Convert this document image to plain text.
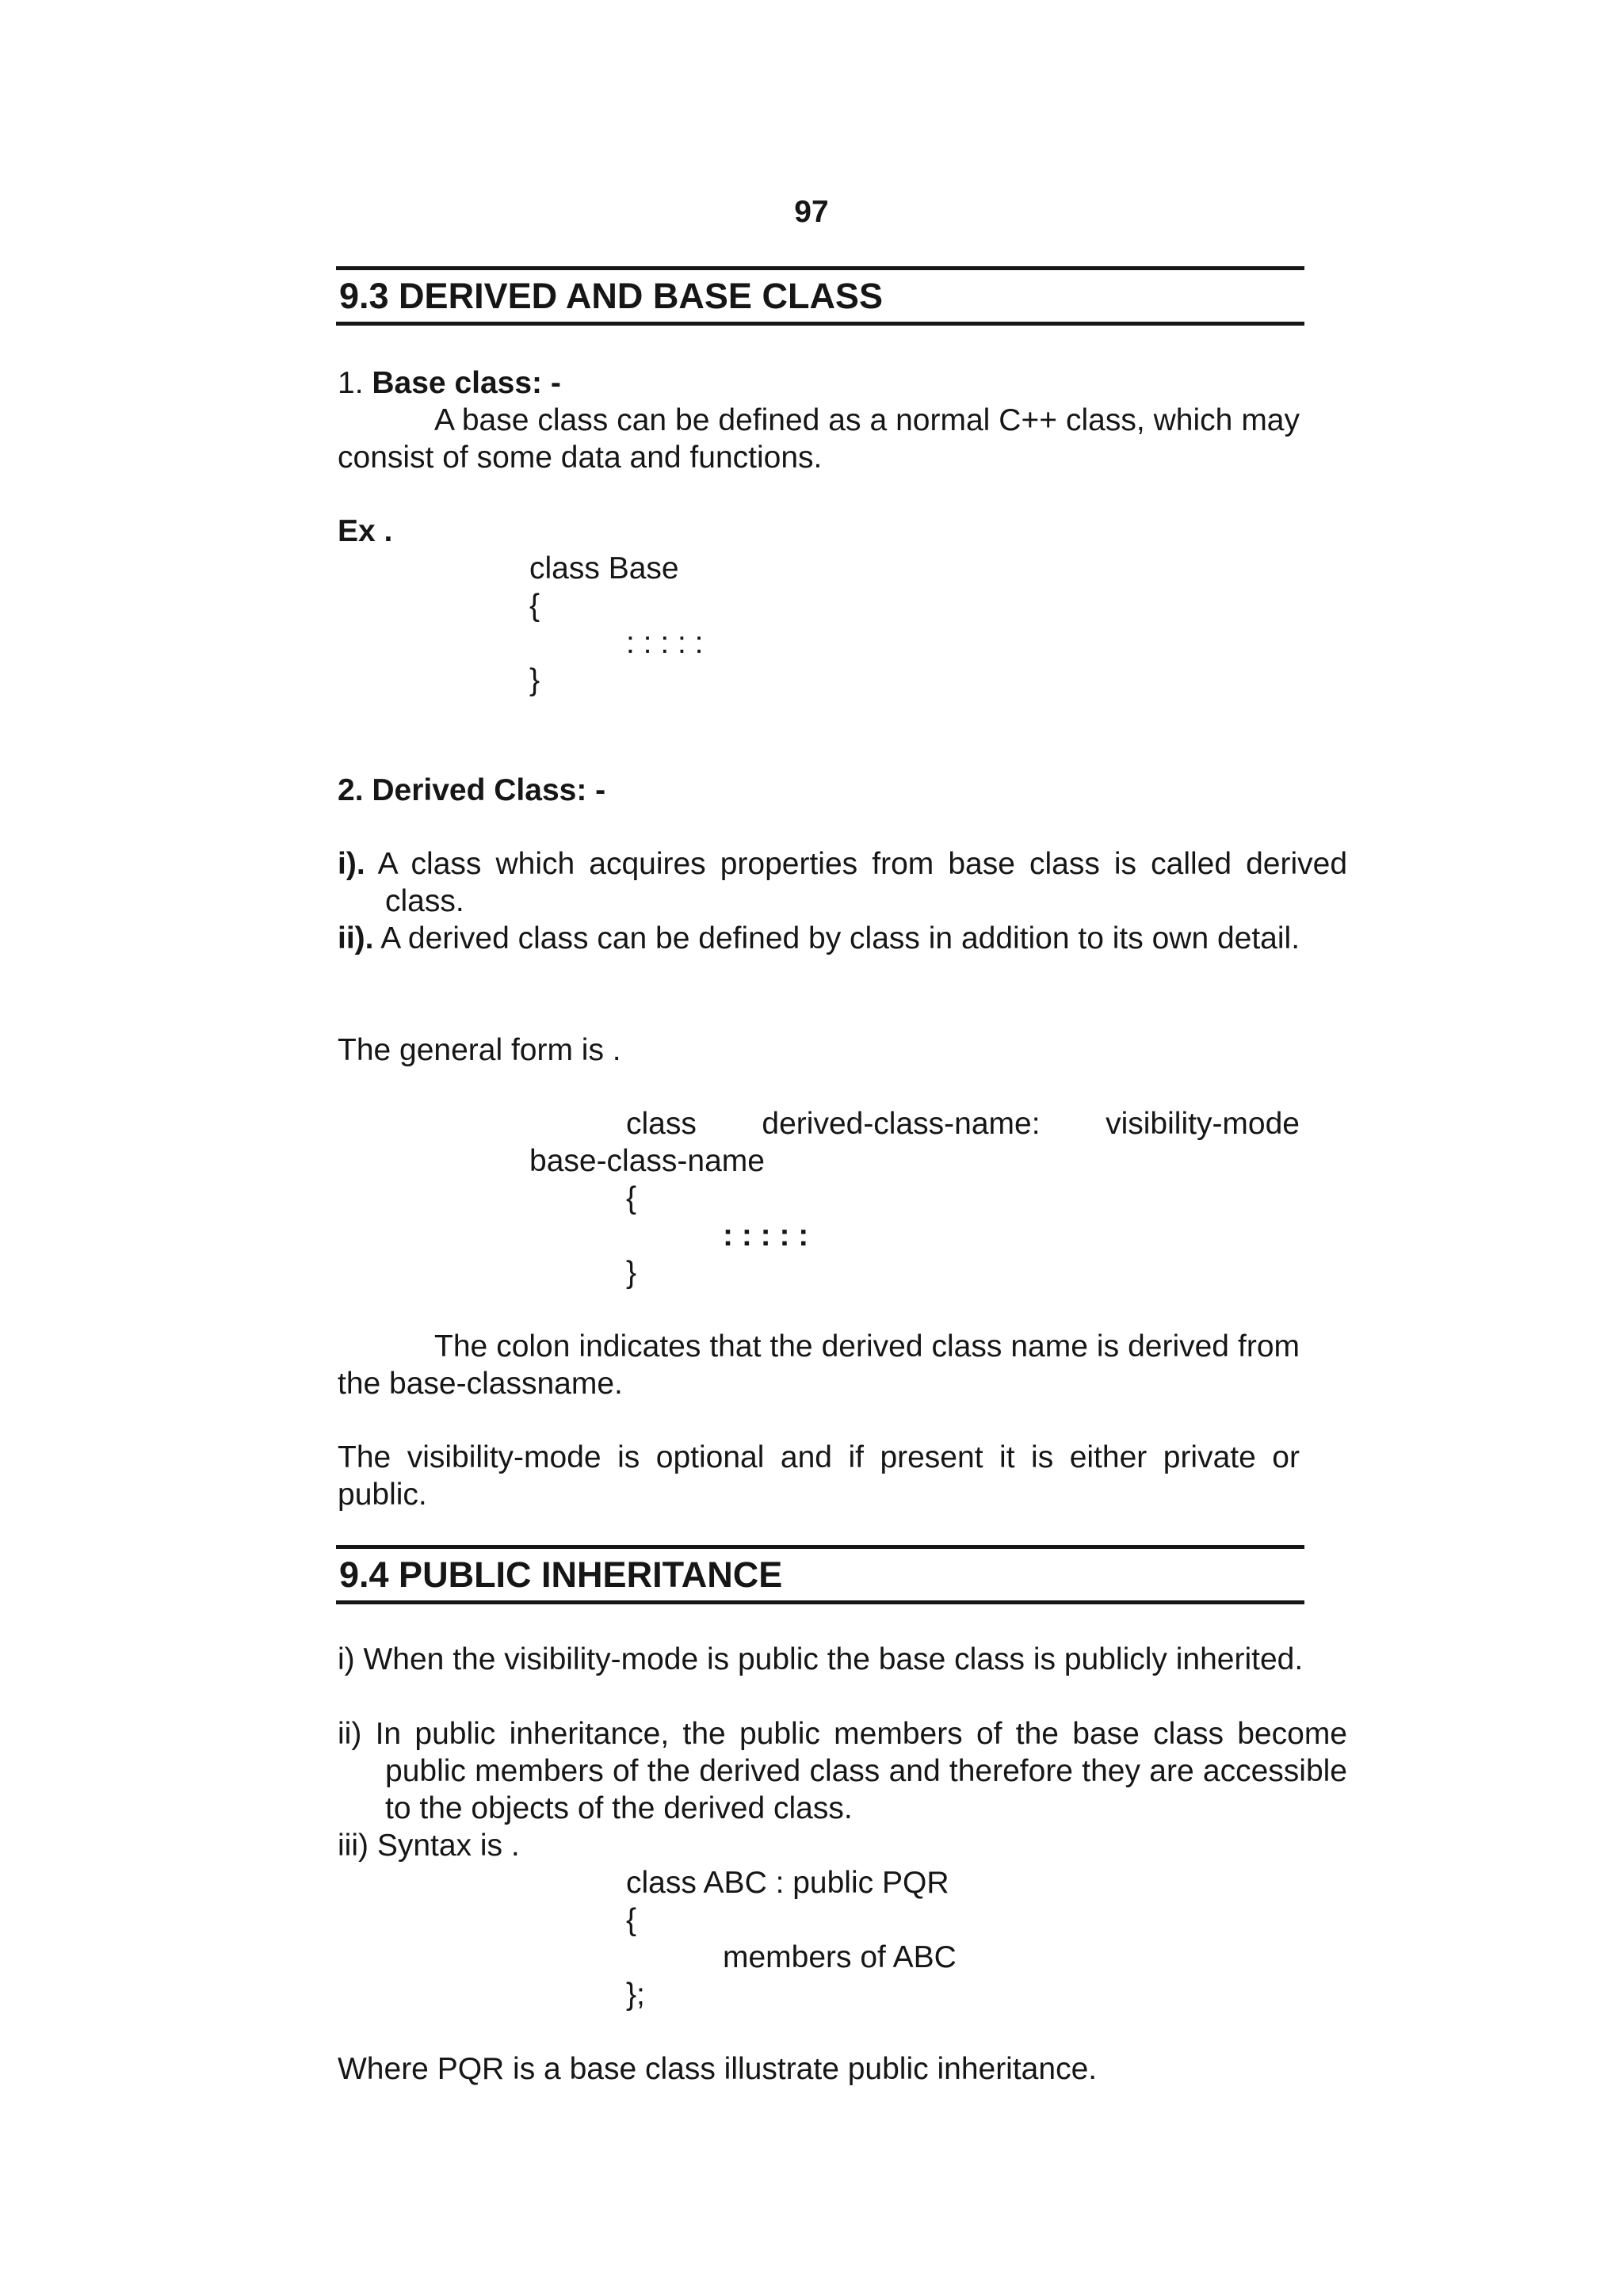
97
9.3 DERIVED AND BASE CLASS
1. Base class: -
A base class can be defined as a normal C++ class, which may consist of some data and functions.
Ex .
class Base
{
: : : : :
}
2. Derived Class: -
i). A class which acquires properties from base class is called derived class.
ii). A derived class can be defined by class in addition to its own detail.
The general form is .
class derived-class-name: visibility-mode
base-class-name
{
: : : : :
}
The colon indicates that the derived class name is derived from the base-classname.
The visibility-mode is optional and if present it is either private or public.
9.4 PUBLIC INHERITANCE
i) When the visibility-mode is public the base class is publicly inherited.
ii) In public inheritance, the public members of the base class become public members of the derived class and therefore they are accessible to the objects of the derived class.
iii) Syntax is .
class ABC : public PQR
{
members of ABC
};
Where PQR is a base class illustrate public inheritance.
